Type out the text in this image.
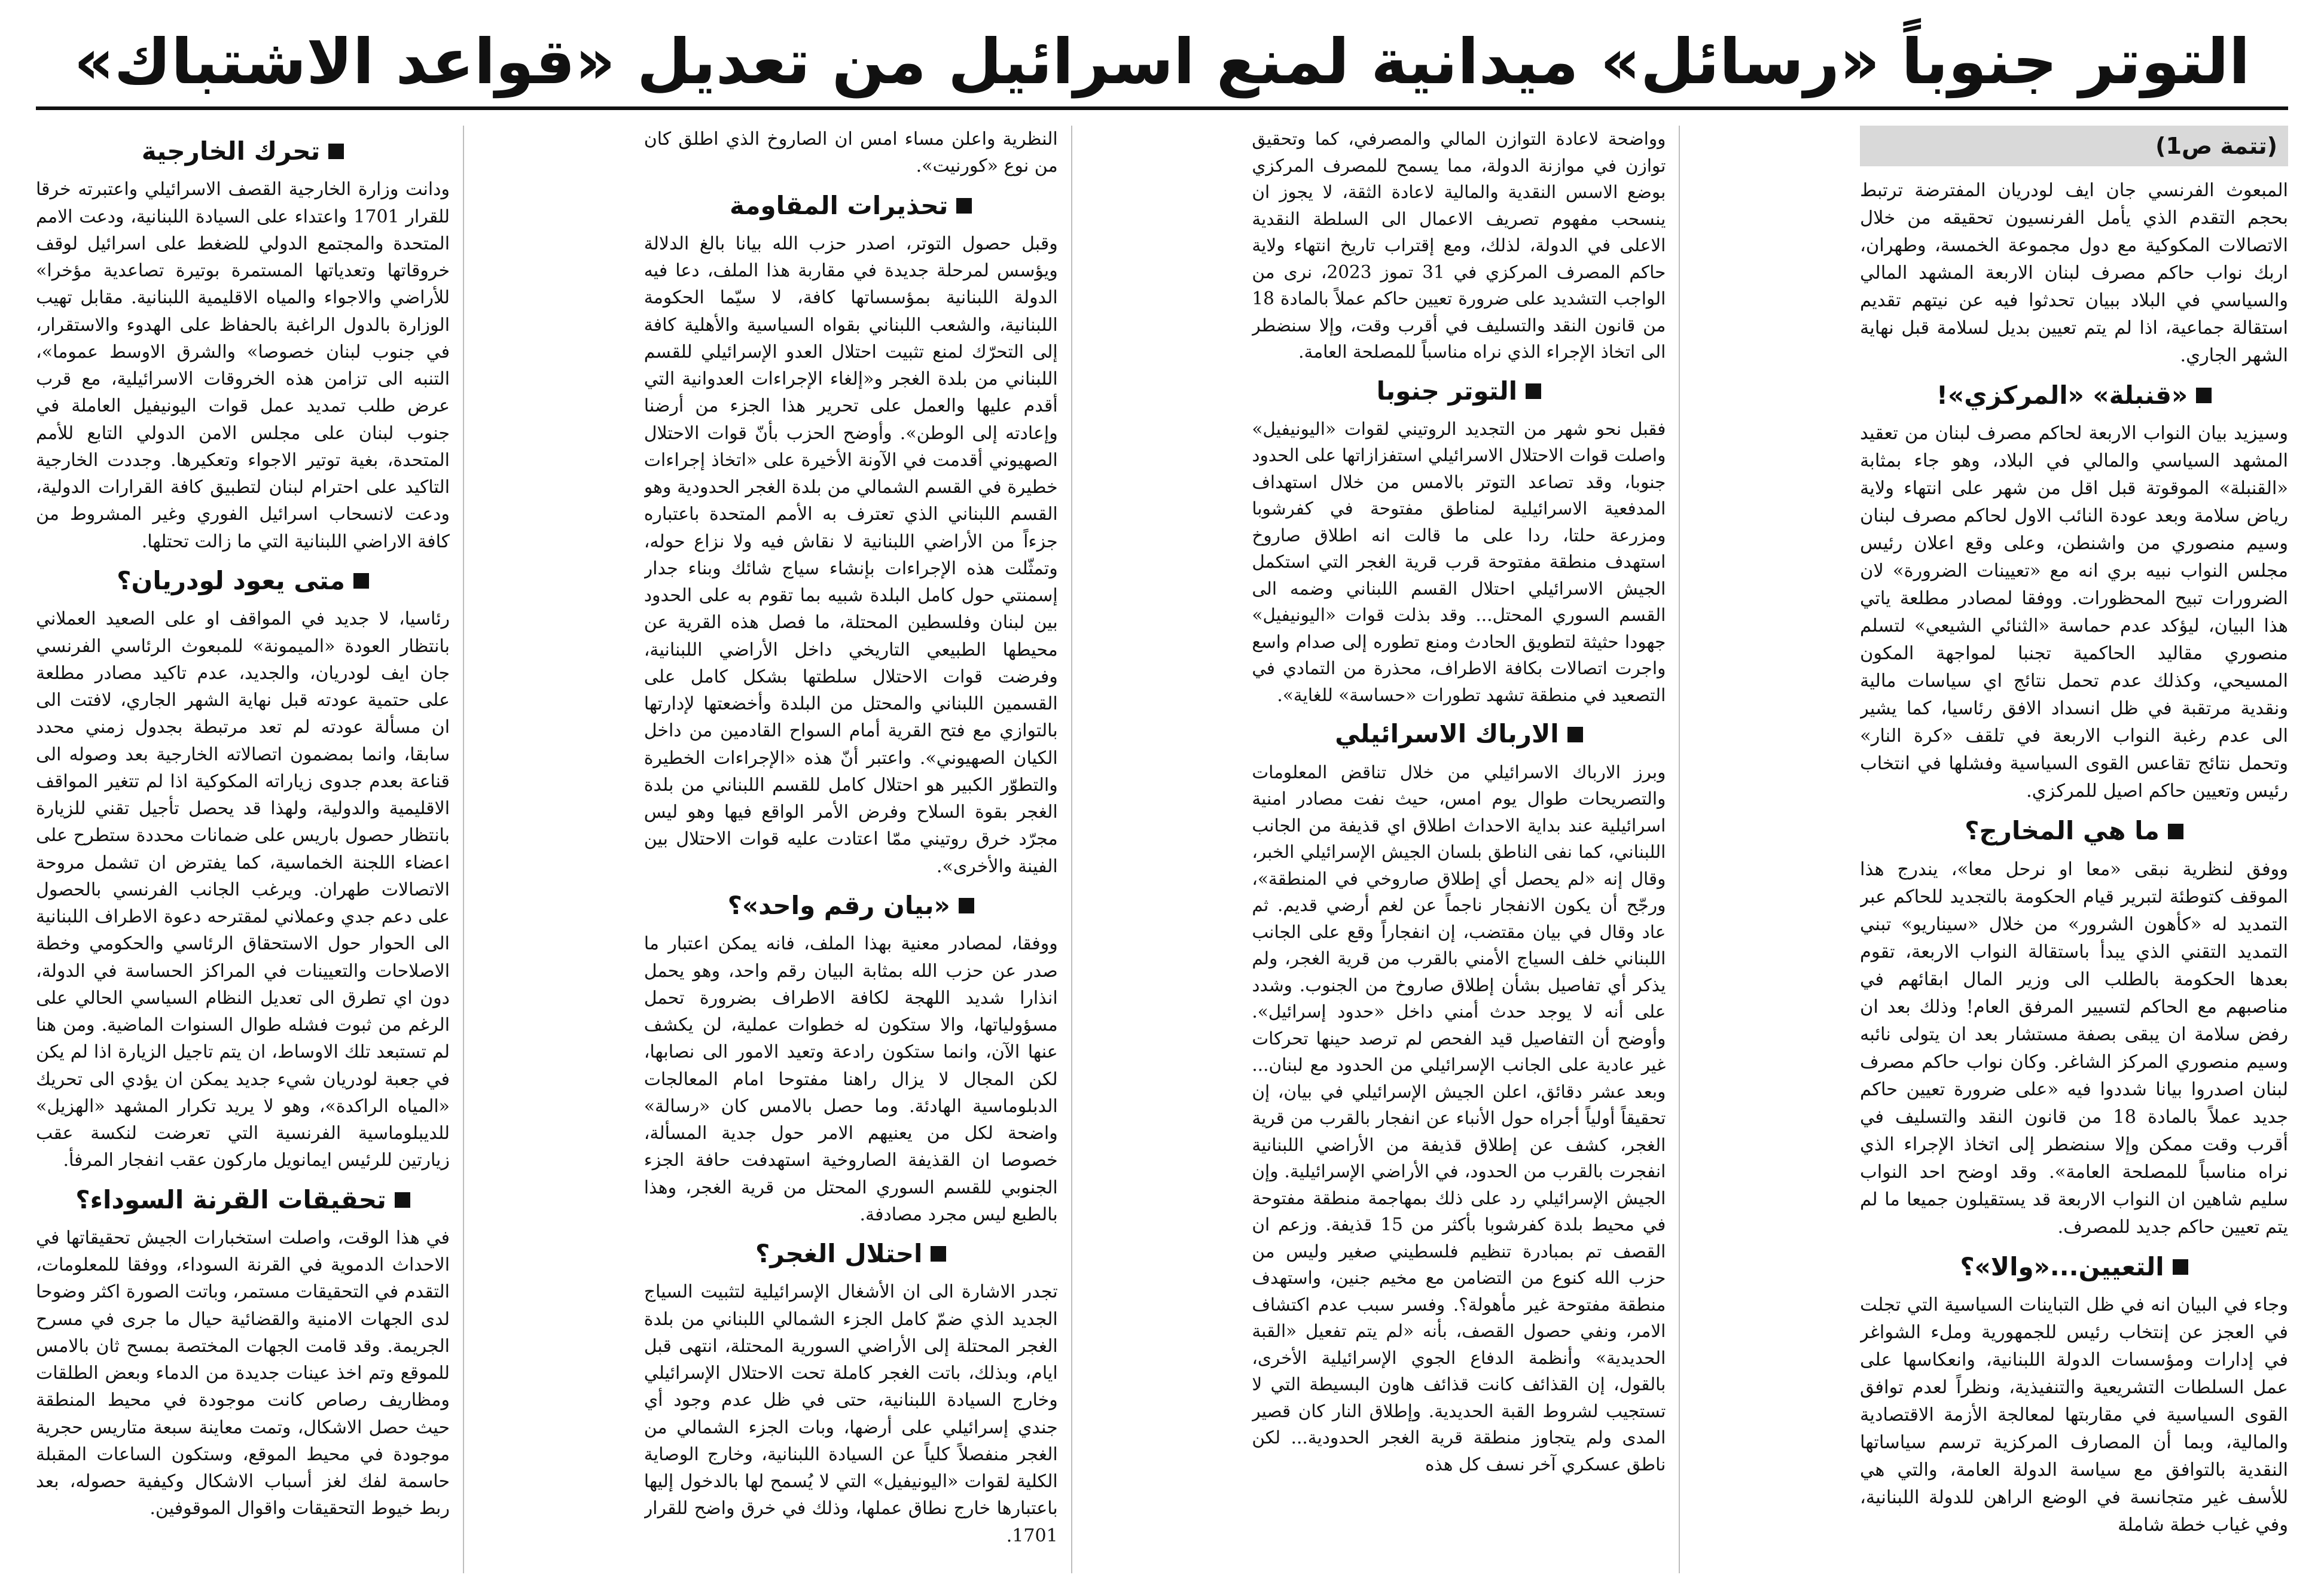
التوتر جنوباً «رسائل» ميدانية لمنع اسرائيل من تعديل «قواعد الاشتباك»
(تتمة ص1)

المبعوث الفرنسي جان ايف لودريان المفترضة ترتبط بحجم التقدم الذي يأمل الفرنسيون تحقيقه من خلال الاتصالات المكوكية مع دول مجموعة الخمسة، وطهران، اربك نواب حاكم مصرف لبنان الاربعة المشهد المالي والسياسي في البلاد ببيان تحدثوا فيه عن نيتهم تقديم استقالة جماعية، اذا لم يتم تعيين بديل لسلامة قبل نهاية الشهر الجاري.

«قنبلة» «المركزي»!

وسيزيد بيان النواب الاربعة لحاكم مصرف لبنان من تعقيد المشهد السياسي والمالي في البلاد، وهو جاء بمثابة «القنبلة» الموقوتة قبل اقل من شهر على انتهاء ولاية رياض سلامة وبعد عودة النائب الاول لحاكم مصرف لبنان وسيم منصوري من واشنطن، وعلى وقع اعلان رئيس مجلس النواب نبيه بري انه مع «تعيينات الضرورة» لان الضرورات تبيح المحظورات. ووفقا لمصادر مطلعة ياتي هذا البيان، ليؤكد عدم حماسة «الثنائي الشيعي» لتسلم منصوري مقاليد الحاكمية تجنبا لمواجهة المكون المسيحي، وكذلك عدم تحمل نتائج اي سياسات مالية ونقدية مرتقبة في ظل انسداد الافق رئاسيا، كما يشير الى عدم رغبة النواب الاربعة في تلقف «كرة النار» وتحمل نتائج تقاعس القوى السياسية وفشلها في انتخاب رئيس وتعيين حاكم اصيل للمركزي.

ما هي المخارج؟

ووفق لنظرية نبقى «معا او نرحل معا»، يندرج هذا الموقف كتوطئة لتبرير قيام الحكومة بالتجديد للحاكم عبر التمديد له «كأهون الشرور» من خلال «سيناريو» تبني التمديد التقني الذي يبدأ باستقالة النواب الاربعة، تقوم بعدها الحكومة بالطلب الى وزير المال ابقائهم في مناصبهم مع الحاكم لتسيير المرفق العام! وذلك بعد ان رفض سلامة ان يبقى بصفة مستشار بعد ان يتولى نائبه وسيم منصوري المركز الشاغر. وكان نواب حاكم مصرف لبنان اصدروا بيانا شددوا فيه «على ضرورة تعيين حاكم جديد عملاً بالمادة 18 من قانون النقد والتسليف في أقرب وقت ممكن وإلا سنضطر إلى اتخاذ الإجراء الذي نراه مناسباً للمصلحة العامة». وقد اوضح احد النواب سليم شاهين ان النواب الاربعة قد يستقيلون جميعا ما لم يتم تعيين حاكم جديد للمصرف.

التعيين...«والا»؟

وجاء في البيان انه في ظل التباينات السياسية التي تجلت في العجز عن إنتخاب رئيس للجمهورية وملء الشواغر في إدارات ومؤسسات الدولة اللبنانية، وانعكاسها على عمل السلطات التشريعية والتنفيذية، ونظراً لعدم توافق القوى السياسية في مقاربتها لمعالجة الأزمة الاقتصادية والمالية، وبما أن المصارف المركزية ترسم سياساتها النقدية بالتوافق مع سياسة الدولة العامة، والتي هي للأسف غير متجانسة في الوضع الراهن للدولة اللبنانية، وفي غياب خطة شاملة

وواضحة لاعادة التوازن المالي والمصرفي، كما وتحقيق توازن في موازنة الدولة، مما يسمح للمصرف المركزي بوضع الاسس النقدية والمالية لاعادة الثقة، لا يجوز ان ينسحب مفهوم تصريف الاعمال الى السلطة النقدية الاعلى في الدولة، لذلك، ومع إقتراب تاريخ انتهاء ولاية حاكم المصرف المركزي في 31 تموز 2023، نرى من الواجب التشديد على ضرورة تعيين حاكم عملاً بالمادة 18 من قانون النقد والتسليف في أقرب وقت، وإلا سنضطر الى اتخاذ الإجراء الذي نراه مناسباً للمصلحة العامة.

التوتر جنوبا

فقبل نحو شهر من التجديد الروتيني لقوات «اليونيفيل» واصلت قوات الاحتلال الاسرائيلي استفزازاتها على الحدود جنوبا، وقد تصاعد التوتر بالامس من خلال استهداف المدفعية الاسرائيلية لمناطق مفتوحة في كفرشوبا ومزرعة حلتا، ردا على ما قالت انه اطلاق صاروخ استهدف منطقة مفتوحة قرب قرية الغجر التي استكمل الجيش الاسرائيلي احتلال القسم اللبناني وضمه الى القسم السوري المحتل... وقد بذلت قوات «اليونيفيل» جهودا حثيثة لتطويق الحادث ومنع تطوره إلى صدام واسع واجرت اتصالات بكافة الاطراف، محذرة من التمادي في التصعيد في منطقة تشهد تطورات «حساسة» للغاية».

الارباك الاسرائيلي

وبرز الارباك الاسرائيلي من خلال تناقض المعلومات والتصريحات طوال يوم امس، حيث نفت مصادر امنية اسرائيلية عند بداية الاحداث اطلاق اي قذيفة من الجانب اللبناني، كما نفى الناطق بلسان الجيش الإسرائيلي الخبر، وقال إنه «لم يحصل أي إطلاق صاروخي في المنطقة»، ورجّح أن يكون الانفجار ناجماً عن لغم أرضي قديم. ثم عاد وقال في بيان مقتضب، إن انفجاراً وقع على الجانب اللبناني خلف السياج الأمني بالقرب من قرية الغجر، ولم يذكر أي تفاصيل بشأن إطلاق صاروخ من الجنوب. وشدد على أنه لا يوجد حدث أمني داخل «حدود إسرائيل». وأوضح أن التفاصيل قيد الفحص لم ترصد حينها تحركات غير عادية على الجانب الإسرائيلي من الحدود مع لبنان... وبعد عشر دقائق، اعلن الجيش الإسرائيلي في بيان، إن تحقيقاً أولياً أجراه حول الأنباء عن انفجار بالقرب من قرية الغجر، كشف عن إطلاق قذيفة من الأراضي اللبنانية انفجرت بالقرب من الحدود، في الأراضي الإسرائيلية. وإن الجيش الإسرائيلي رد على ذلك بمهاجمة منطقة مفتوحة في محيط بلدة كفرشوبا بأكثر من 15 قذيفة. وزعم ان القصف تم بمبادرة تنظيم فلسطيني صغير وليس من حزب الله كنوع من التضامن مع مخيم جنين، واستهدف منطقة مفتوحة غير مأهولة؟. وفسر سبب عدم اكتشاف الامر، ونفي حصول القصف، بأنه «لم يتم تفعيل «القبة الحديدية» وأنظمة الدفاع الجوي الإسرائيلية الأخرى، بالقول، إن القذائف كانت قذائف هاون البسيطة التي لا تستجيب لشروط القبة الحديدية. وإطلاق النار كان قصير المدى ولم يتجاوز منطقة قرية الغجر الحدودية... لكن ناطق عسكري آخر نسف كل هذه

النظرية واعلن مساء امس ان الصاروخ الذي اطلق كان من نوع «كورنيت».

تحذيرات المقاومة

وقبل حصول التوتر، اصدر حزب الله بيانا بالغ الدلالة ويؤسس لمرحلة جديدة في مقاربة هذا الملف، دعا فيه الدولة اللبنانية بمؤسساتها كافة، لا سيّما الحكومة اللبنانية، والشعب اللبناني بقواه السياسية والأهلية كافة إلى التحرّك لمنع تثبيت احتلال العدو الإسرائيلي للقسم اللبناني من بلدة الغجر و«إلغاء الإجراءات العدوانية التي أقدم عليها والعمل على تحرير هذا الجزء من أرضنا وإعادته إلى الوطن». وأوضح الحزب بأنّ قوات الاحتلال الصهيوني أقدمت في الآونة الأخيرة على «اتخاذ إجراءات خطيرة في القسم الشمالي من بلدة الغجر الحدودية وهو القسم اللبناني الذي تعترف به الأمم المتحدة باعتباره جزءاً من الأراضي اللبنانية لا نقاش فيه ولا نزاع حوله، وتمثّلت هذه الإجراءات بإنشاء سياج شائك وبناء جدار إسمنتي حول كامل البلدة شبيه بما تقوم به على الحدود بين لبنان وفلسطين المحتلة، ما فصل هذه القرية عن محيطها الطبيعي التاريخي داخل الأراضي اللبنانية، وفرضت قوات الاحتلال سلطتها بشكل كامل على القسمين اللبناني والمحتل من البلدة وأخضعتها لإدارتها بالتوازي مع فتح القرية أمام السواح القادمين من داخل الكيان الصهيوني». واعتبر أنّ هذه «الإجراءات الخطيرة والتطوّر الكبير هو احتلال كامل للقسم اللبناني من بلدة الغجر بقوة السلاح وفرض الأمر الواقع فيها وهو ليس مجرّد خرق روتيني ممّا اعتادت عليه قوات الاحتلال بين الفينة والأخرى».

«بيان رقم واحد»؟

ووفقا، لمصادر معنية بهذا الملف، فانه يمكن اعتبار ما صدر عن حزب الله بمثابة البيان رقم واحد، وهو يحمل انذارا شديد اللهجة لكافة الاطراف بضرورة تحمل مسؤولياتها، والا ستكون له خطوات عملية، لن يكشف عنها الآن، وانما ستكون رادعة وتعيد الامور الى نصابها، لكن المجال لا يزال راهنا مفتوحا امام المعالجات الدبلوماسية الهادئة. وما حصل بالامس كان «رسالة» واضحة لكل من يعنيهم الامر حول جدية المسألة، خصوصا ان القذيفة الصاروخية استهدفت حافة الجزء الجنوبي للقسم السوري المحتل من قرية الغجر، وهذا بالطبع ليس مجرد مصادفة.

احتلال الغجر؟

تجدر الاشارة الى ان الأشغال الإسرائيلية لتثبيت السياج الجديد الذي ضمّ كامل الجزء الشمالي اللبناني من بلدة الغجر المحتلة إلى الأراضي السورية المحتلة، انتهى قبل ايام، وبذلك، باتت الغجر كاملة تحت الاحتلال الإسرائيلي وخارج السيادة اللبنانية، حتى في ظل عدم وجود أي جندي إسرائيلي على أرضها، وبات الجزء الشمالي من الغجر منفصلاً كلياً عن السيادة اللبنانية، وخارج الوصاية الكلية لقوات «اليونيفيل» التي لا يُسمح لها بالدخول إليها باعتبارها خارج نطاق عملها، وذلك في خرق واضح للقرار 1701.

تحرك الخارجية

ودانت وزارة الخارجية القصف الاسرائيلي واعتبرته خرقا للقرار 1701 واعتداء على السيادة اللبنانية، ودعت الامم المتحدة والمجتمع الدولي للضغط على اسرائيل لوقف خروقاتها وتعدياتها المستمرة بوتيرة تصاعدية مؤخرا» للأراضي والاجواء والمياه الاقليمية اللبنانية. مقابل تهيب الوزارة بالدول الراغبة بالحفاظ على الهدوء والاستقرار، في جنوب لبنان خصوصا» والشرق الاوسط عموما»، التنبه الى تزامن هذه الخروقات الاسرائيلية، مع قرب عرض طلب تمديد عمل قوات اليونيفيل العاملة في جنوب لبنان على مجلس الامن الدولي التابع للأمم المتحدة، بغية توتير الاجواء وتعكيرها. وجددت الخارجية التاكيد على احترام لبنان لتطبيق كافة القرارات الدولية، ودعت لانسحاب اسرائيل الفوري وغير المشروط من كافة الاراضي اللبنانية التي ما زالت تحتلها.

متى يعود لودريان؟

رئاسيا، لا جديد في المواقف او على الصعيد العملاني بانتظار العودة «الميمونة» للمبعوث الرئاسي الفرنسي جان ايف لودريان، والجديد، عدم تاكيد مصادر مطلعة على حتمية عودته قبل نهاية الشهر الجاري، لافتت الى ان مسألة عودته لم تعد مرتبطة بجدول زمني محدد سابقا، وانما بمضمون اتصالاته الخارجية بعد وصوله الى قناعة بعدم جدوى زياراته المكوكية اذا لم تتغير المواقف الاقليمية والدولية، ولهذا قد يحصل تأجيل تقني للزيارة بانتظار حصول باريس على ضمانات محددة ستطرح على اعضاء اللجنة الخماسية، كما يفترض ان تشمل مروحة الاتصالات طهران. ويرغب الجانب الفرنسي بالحصول على دعم جدي وعملاني لمقترحه دعوة الاطراف اللبنانية الى الحوار حول الاستحقاق الرئاسي والحكومي وخطة الاصلاحات والتعيينات في المراكز الحساسة في الدولة، دون اي تطرق الى تعديل النظام السياسي الحالي على الرغم من ثبوت فشله طوال السنوات الماضية. ومن هنا لم تستبعد تلك الاوساط، ان يتم تاجيل الزيارة اذا لم يكن في جعبة لودريان شيء جديد يمكن ان يؤدي الى تحريك «المياه الراكدة»، وهو لا يريد تكرار المشهد «الهزيل» للديبلوماسية الفرنسية التي تعرضت لنكسة عقب زيارتين للرئيس ايمانويل ماركون عقب انفجار المرفأ.

تحقيقات القرنة السوداء؟

في هذا الوقت، واصلت استخبارات الجيش تحقيقاتها في الاحداث الدموية في القرنة السوداء، ووفقا للمعلومات، التقدم في التحقيقات مستمر، وباتت الصورة اكثر وضوحا لدى الجهات الامنية والقضائية حيال ما جرى في مسرح الجريمة. وقد قامت الجهات المختصة بمسح ثان بالامس للموقع وتم اخذ عينات جديدة من الدماء وبعض الطلقات ومظاريف رصاص كانت موجودة في محيط المنطقة حيث حصل الاشكال، وتمت معاينة سبعة متاريس حجرية موجودة في محيط الموقع، وستكون الساعات المقبلة حاسمة لفك لغز أسباب الاشكال وكيفية حصوله، بعد ربط خيوط التحقيقات واقوال الموقوفين.
